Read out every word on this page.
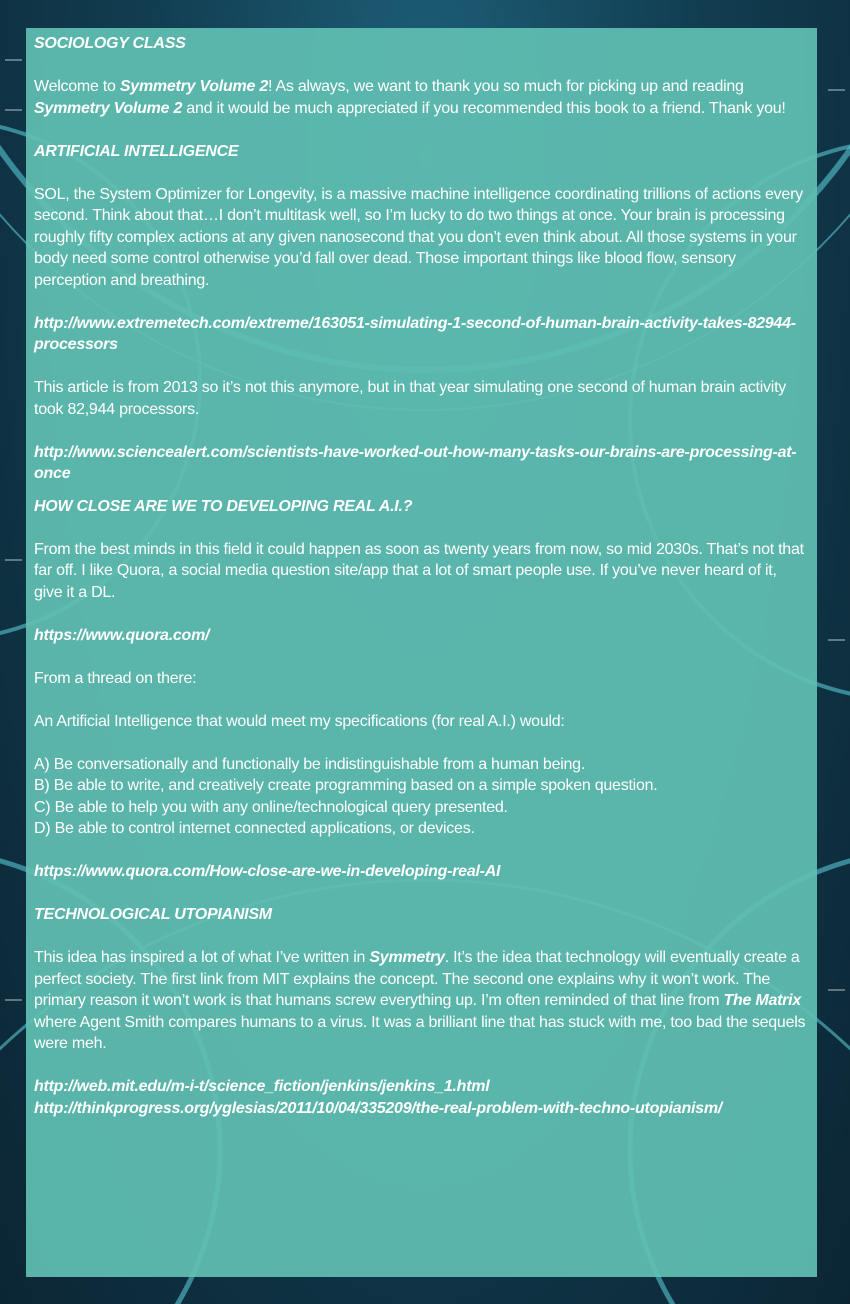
SOCIOLOGY CLASS

Welcome to Symmetry Volume 2! As always, we want to thank you so much for picking up and reading Symmetry Volume 2 and it would be much appreciated if you recommended this book to a friend. Thank you!

ARTIFICIAL INTELLIGENCE

SOL, the System Optimizer for Longevity, is a massive machine intelligence coordinating trillions of actions every second. Think about that…I don’t multitask well, so I’m lucky to do two things at once. Your brain is processing roughly fifty complex actions at any given nanosecond that you don’t even think about. All those systems in your body need some control otherwise you’d fall over dead. Those important things like blood flow, sensory perception and breathing.

http://www.extremetech.com/extreme/163051-simulating-1-second-of-human-brain-activity-takes-82944-processors

This article is from 2013 so it’s not this anymore, but in that year simulating one second of human brain activity took 82,944 processors.

http://www.sciencealert.com/scientists-have-worked-out-how-many-tasks-our-brains-are-processing-at-once

HOW CLOSE ARE WE TO DEVELOPING REAL A.I.?

From the best minds in this field it could happen as soon as twenty years from now, so mid 2030s. That’s not that far off. I like Quora, a social media question site/app that a lot of smart people use. If you’ve never heard of it, give it a DL.

https://www.quora.com/

From a thread on there:

An Artificial Intelligence that would meet my specifications (for real A.I.) would:

A) Be conversationally and functionally be indistinguishable from a human being.
B) Be able to write, and creatively create programming based on a simple spoken question.
C) Be able to help you with any online/technological query presented.
D) Be able to control internet connected applications, or devices.

https://www.quora.com/How-close-are-we-in-developing-real-AI

TECHNOLOGICAL UTOPIANISM

This idea has inspired a lot of what I’ve written in Symmetry. It’s the idea that technology will eventually create a perfect society. The first link from MIT explains the concept. The second one explains why it won’t work. The primary reason it won’t work is that humans screw everything up. I’m often reminded of that line from The Matrix where Agent Smith compares humans to a virus. It was a brilliant line that has stuck with me, too bad the sequels were meh.

http://web.mit.edu/m-i-t/science_fiction/jenkins/jenkins_1.html
http://thinkprogress.org/yglesias/2011/10/04/335209/the-real-problem-with-techno-utopianism/
